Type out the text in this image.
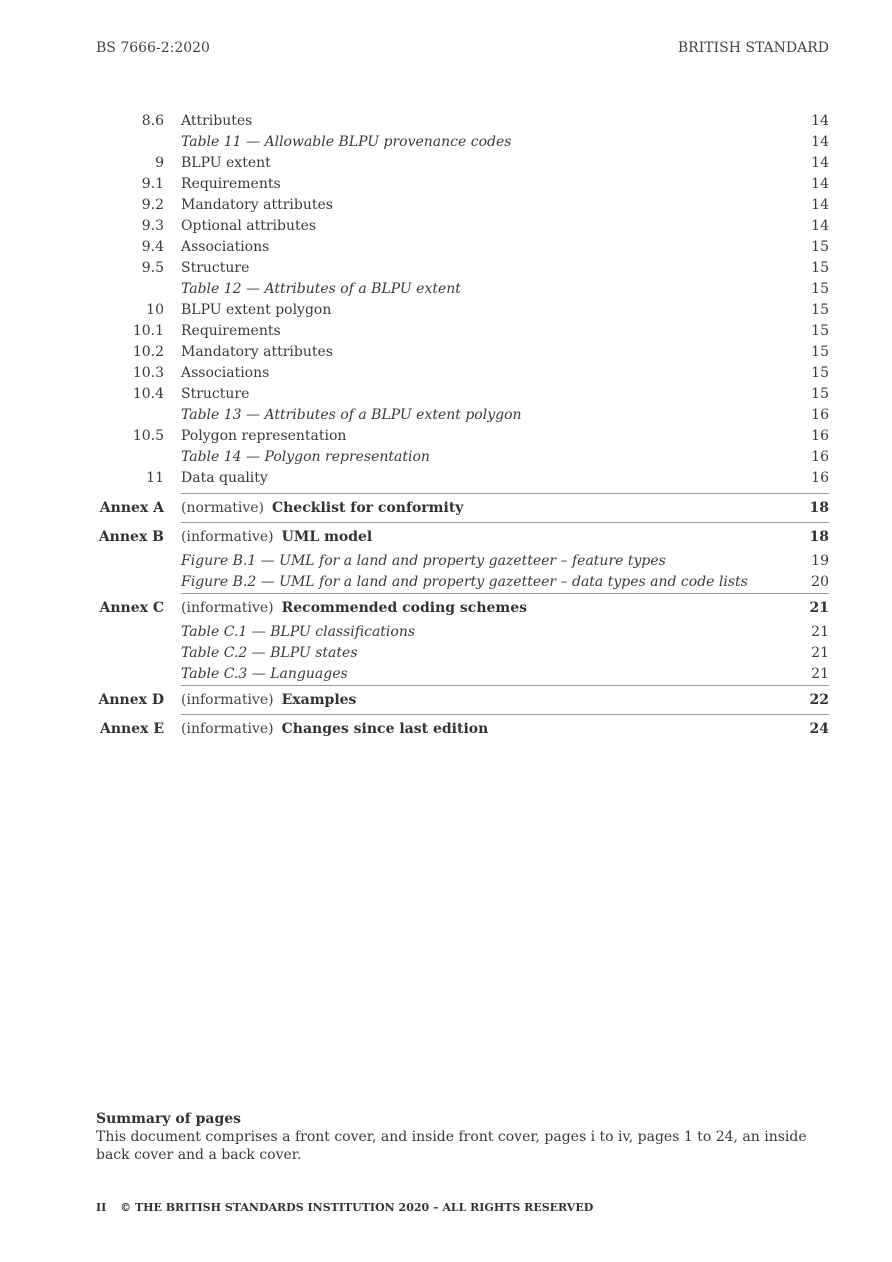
BS 7666-2:2020	BRITISH STANDARD
8.6 Attributes	14
Table 11 — Allowable BLPU provenance codes	14
9 BLPU extent	14
9.1 Requirements	14
9.2 Mandatory attributes	14
9.3 Optional attributes	14
9.4 Associations	15
9.5 Structure	15
Table 12 — Attributes of a BLPU extent	15
10 BLPU extent polygon	15
10.1 Requirements	15
10.2 Mandatory attributes	15
10.3 Associations	15
10.4 Structure	15
Table 13 — Attributes of a BLPU extent polygon	16
10.5 Polygon representation	16
Table 14 — Polygon representation	16
11 Data quality	16
Annex A (normative) Checklist for conformity	18
Annex B (informative) UML model	18
Figure B.1 — UML for a land and property gazetteer – feature types	19
Figure B.2 — UML for a land and property gazetteer – data types and code lists	20
Annex C (informative) Recommended coding schemes	21
Table C.1 — BLPU classifications	21
Table C.2 — BLPU states	21
Table C.3 — Languages	21
Annex D (informative) Examples	22
Annex E (informative) Changes since last edition	24
Summary of pages
This document comprises a front cover, and inside front cover, pages i to iv, pages 1 to 24, an inside back cover and a back cover.
II © THE BRITISH STANDARDS INSTITUTION 2020 – ALL RIGHTS RESERVED
